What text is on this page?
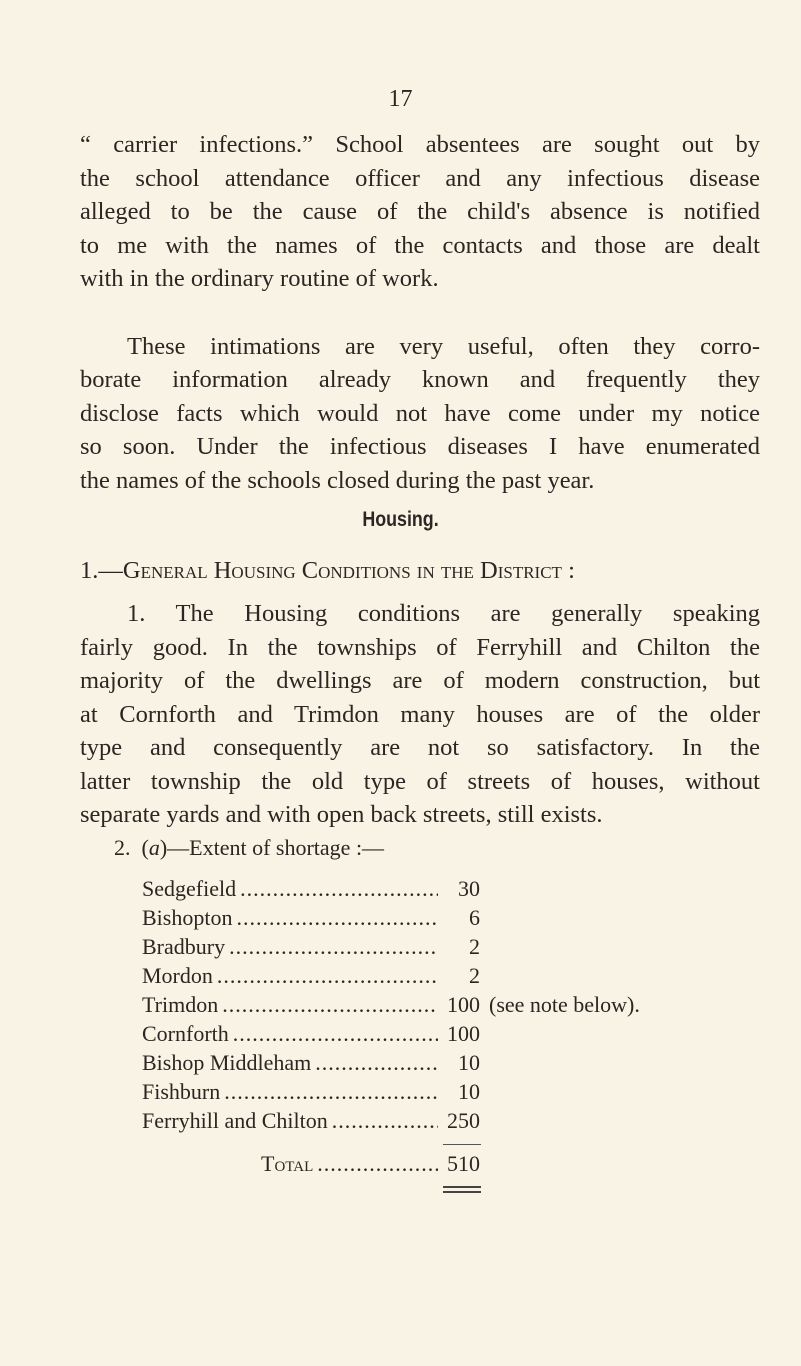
17
“ carrier infections.” School absentees are sought out by
the school attendance officer and any infectious disease
alleged to be the cause of the child's absence is notified
to me with the names of the contacts and those are dealt
with in the ordinary routine of work.
These intimations are very useful, often they corro-
borate information already known and frequently they
disclose facts which would not have come under my notice
so soon. Under the infectious diseases I have enumerated
the names of the schools closed during the past year.
Housing.
1.—General Housing Conditions in the District :
1. The Housing conditions are generally speaking
fairly good. In the townships of Ferryhill and Chilton the
majority of the dwellings are of modern construction, but
at Cornforth and Trimdon many houses are of the older
type and consequently are not so satisfactory. In the
latter township the old type of streets of houses, without
separate yards and with open back streets, still exists.
2.  (a)—Extent of shortage :—
Sedgefield .....	30
Bishopton .....	6
Bradbury .....	2
Mordon .....	2
Trimdon .....	100 (see note below).
Cornforth .....	100
Bishop Middleham .....	10
Fishburn .....	10
Ferryhill and Chilton .....	250
Total .....	510
